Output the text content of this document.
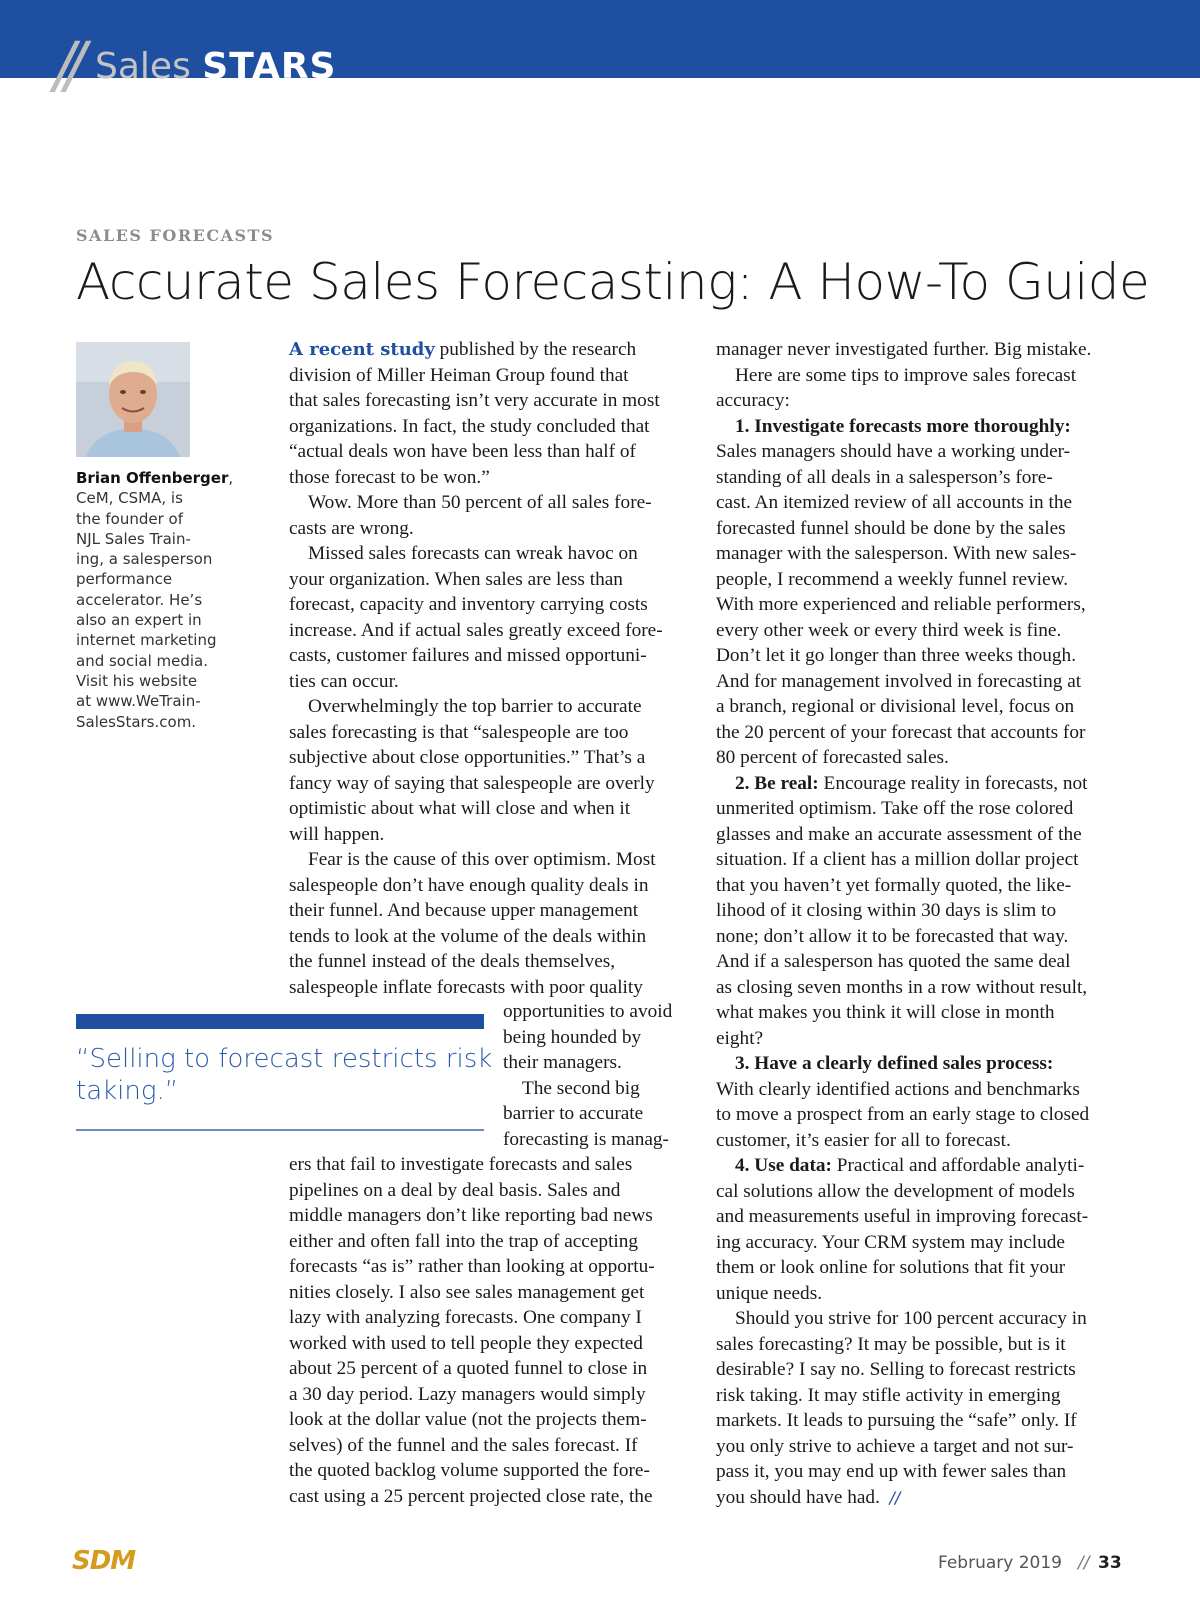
// Sales STARS
SALES FORECASTS
Accurate Sales Forecasting: A How-To Guide
Brian Offenberger,
CeM, CSMA, is
the founder of
NJL Sales Train-
ing, a salesperson
performance
accelerator. He’s
also an expert in
internet marketing
and social media.
Visit his website
at www.WeTrain-
SalesStars.com.
A recent study published by the research
division of Miller Heiman Group found that
that sales forecasting isn’t very accurate in most
organizations. In fact, the study concluded that
“actual deals won have been less than half of
those forecast to be won.”
Wow. More than 50 percent of all sales fore-
casts are wrong.
Missed sales forecasts can wreak havoc on
your organization. When sales are less than
forecast, capacity and inventory carrying costs
increase. And if actual sales greatly exceed fore-
casts, customer failures and missed opportuni-
ties can occur.
Overwhelmingly the top barrier to accurate
sales forecasting is that “salespeople are too
subjective about close opportunities.” That’s a
fancy way of saying that salespeople are overly
optimistic about what will close and when it
will happen.
Fear is the cause of this over optimism. Most
salespeople don’t have enough quality deals in
their funnel. And because upper management
tends to look at the volume of the deals within
the funnel instead of the deals themselves,
salespeople inflate forecasts with poor quality
opportunities to avoid
being hounded by
their managers.
The second big
barrier to accurate
forecasting is manag-
ers that fail to investigate forecasts and sales
pipelines on a deal by deal basis. Sales and
middle managers don’t like reporting bad news
either and often fall into the trap of accepting
forecasts “as is” rather than looking at opportu-
nities closely. I also see sales management get
lazy with analyzing forecasts. One company I
worked with used to tell people they expected
about 25 percent of a quoted funnel to close in
a 30 day period. Lazy managers would simply
look at the dollar value (not the projects them-
selves) of the funnel and the sales forecast. If
the quoted backlog volume supported the fore-
cast using a 25 percent projected close rate, the
manager never investigated further. Big mistake.
Here are some tips to improve sales forecast
accuracy:
1. Investigate forecasts more thoroughly:
Sales managers should have a working under-
standing of all deals in a salesperson’s fore-
cast. An itemized review of all accounts in the
forecasted funnel should be done by the sales
manager with the salesperson. With new sales-
people, I recommend a weekly funnel review.
With more experienced and reliable performers,
every other week or every third week is fine.
Don’t let it go longer than three weeks though.
And for management involved in forecasting at
a branch, regional or divisional level, focus on
the 20 percent of your forecast that accounts for
80 percent of forecasted sales.
2. Be real: Encourage reality in forecasts, not
unmerited optimism. Take off the rose colored
glasses and make an accurate assessment of the
situation. If a client has a million dollar project
that you haven’t yet formally quoted, the like-
lihood of it closing within 30 days is slim to
none; don’t allow it to be forecasted that way.
And if a salesperson has quoted the same deal
as closing seven months in a row without result,
what makes you think it will close in month
eight?
3. Have a clearly defined sales process:
With clearly identified actions and benchmarks
to move a prospect from an early stage to closed
customer, it’s easier for all to forecast.
4. Use data: Practical and affordable analyti-
cal solutions allow the development of models
and measurements useful in improving forecast-
ing accuracy. Your CRM system may include
them or look online for solutions that fit your
unique needs.
Should you strive for 100 percent accuracy in
sales forecasting? It may be possible, but is it
desirable? I say no. Selling to forecast restricts
risk taking. It may stifle activity in emerging
markets. It leads to pursuing the “safe” only. If
you only strive to achieve a target and not sur-
pass it, you may end up with fewer sales than
you should have had. //
“Selling to forecast restricts risk
taking.”
SDM	February 2019 // 33
